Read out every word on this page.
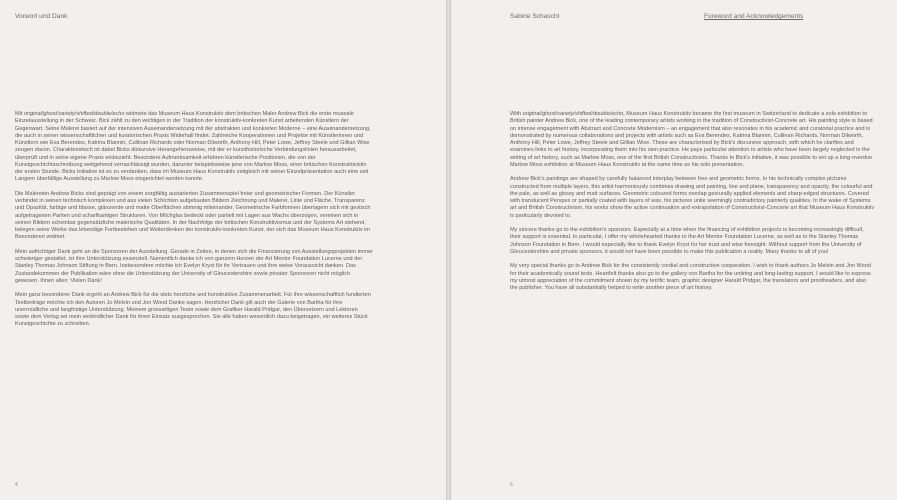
Vorwort und Dank

Mit original/ghost/variety/shifted/double/echo widmete das Museum Haus Konstruktiv dem britischen Maler Andrew Bick die erste museale Einzelausstellung in der Schweiz. Bick zählt zu den wichtigen in der Tradition der konstruktiv-konkreten Kunst arbeitenden Künstlern der Gegenwart. Seine Malerei basiert auf der intensiven Auseinandersetzung mit der abstrakten und konkreten Moderne – eine Auseinandersetzung, die auch in seiner wissenschaftlichen und kuratorischen Praxis Widerhall findet. Zahlreiche Kooperationen und Projekte mit Künstlerinnen und Künstlern wie Eva Berendes, Katrina Blannin, Cullinan Richards oder Norman Dilworth, Anthony Hill, Peter Lowe, Jeffrey Steele und Gillian Wise zeugen davon. Charakteristisch ist dabei Bicks diskursive Herangehensweise, mit der er kunsthistorische Verbindungslinien herausarbeitet, überprüft und in seine eigene Praxis einbezieht. Besondere Aufmerksamkeit erfahren künstlerische Positionen, die von der Kunstgeschichtsschreibung weitgehend vernachlässigt wurden, darunter beispielsweise jene von Marlow Moss, einer britischen Konstruktivistin der ersten Stunde. Bicks Initiative ist es zu verdanken, dass im Museum Haus Konstruktiv zeitgleich mit seiner Einzelpräsentation auch eine seit Langem überfällige Ausstellung zu Marlow Moss eingerichtet werden konnte.

Die Malereien Andrew Bicks sind geprägt von einem sorgfältig austarierten Zusammenspiel freier und geometrischer Formen. Der Künstler verbindet in seinen technisch komplexen und aus vielen Schichten aufgebauten Bildern Zeichnung und Malerei, Linie und Fläche, Transparenz und Opazität, farbige und blasse, glänzende und matte Oberflächen stimmig miteinander. Geometrische Farbformen überlagern sich mit gestisch aufgetragenen Partien und scharfkantigen Strukturen. Von Milchglas bedeckt oder partiell mit Lagen aus Wachs überzogen, vereinen sich in seinen Bildern scheinbar gegensätzliche malerische Qualitäten. In der Nachfolge der britischen Konstruktivismus und der Systems Art stehend, belegen seine Werke das lebendige Fortbestehen und Weiterdenken der konstruktiv-konkreten Kunst, der sich das Museum Haus Konstruktiv im Besonderen widmet.

Mein aufrichtiger Dank geht an die Sponsoren der Ausstellung. Gerade in Zeiten, in denen sich die Finanzierung von Ausstellungsprojekten immer schwieriger gestaltet, ist ihre Unterstützung essenziell. Namentlich danke ich von ganzem Herzen der Art Mentor Foundation Lucerne und der Stanley Thomas Johnson Stiftung in Bern. Insbesondere möchte ich Evelyn Kryst für ihr Vertrauen und ihre weise Voraussicht danken. Das Zustandekommen der Publikation wäre ohne die Unterstützung der University of Gloucestershire sowie privater Sponsoren nicht möglich gewesen. Ihnen allen: Vielen Dank!

Mein ganz besonderer Dank ergeht an Andrew Bick für die stets herzliche und konstruktive Zusammenarbeit. Für ihre wissenschaftlich fundierten Textbeiträge möchte ich den Autoren Jo Melvin und Jon Wood Danke sagen. Herzlicher Dank gilt auch der Galerie von Bartha für ihre unermüdliche und langfristige Unterstützung. Meinem grossartigen Team sowie dem Grafiker Harald Pridgar, den Übersetzern und Lektoren sowie dem Verlag sei mein verbindlicher Dank für ihren Einsatz ausgesprochen. Sie alle haben wesentlich dazu beigetragen, ein weiteres Stück Kunstgeschichte zu schreiben.

4
Sabine Schaschl	Foreword and Acknowledgements

With original/ghost/variety/shifted/double/echo, Museum Haus Konstruktiv became the first museum in Switzerland to dedicate a solo exhibition to British painter Andrew Bick, one of the leading contemporary artists working in the tradition of Constructivist-Concrete art. His painting style is based on intense engagement with Abstract and Concrete Modernism – an engagement that also resonates in his academic and curatorial practice and is demonstrated by numerous collaborations and projects with artists such as Eva Berendes, Katrina Blannin, Cullinan Richards, Norman Dilworth, Anthony Hill, Peter Lowe, Jeffrey Steele and Gillian Wise. These are characterised by Bick's discursive approach, with which he clarifies and examines links to art history, incorporating them into his own practice. He pays particular attention to artists who have been largely neglected in the writing of art history, such as Marlow Moss, one of the first British Constructivists. Thanks to Bick's initiative, it was possible to set up a long-overdue Marlow Moss exhibition at Museum Haus Konstruktiv at the same time as his solo presentation.

Andrew Bick's paintings are shaped by carefully balanced interplay between free and geometric forms. In his technically complex pictures constructed from multiple layers, this artist harmoniously combines drawing and painting, line and plane, transparency and opacity, the colourful and the pale, as well as glossy and matt surfaces. Geometric coloured forms overlap gesturally applied elements and sharp-edged structures. Covered with translucent Perspex or partially coated with layers of wax, his pictures unite seemingly contradictory painterly qualities. In the wake of Systems art and British Constructivism, his works show the active continuation and extrapolation of Constructivist-Concrete art that Museum Haus Konstruktiv is particularly devoted to.

My sincere thanks go to the exhibition's sponsors. Especially at a time when the financing of exhibition projects is becoming increasingly difficult, their support is essential. In particular, I offer my wholehearted thanks to the Art Mentor Foundation Lucerne, as well as to the Stanley Thomas Johnson Foundation in Bern. I would especially like to thank Evelyn Kryst for her trust and wise foresight. Without support from the University of Gloucestershire and private sponsors, it would not have been possible to make this publication a reality. Many thanks to all of you!

My very special thanks go to Andrew Bick for the consistently cordial and constructive cooperation. I wish to thank authors Jo Melvin and Jon Wood for their academically sound texts. Heartfelt thanks also go to the gallery von Bartha for the untiring and long-lasting support. I would like to express my utmost appreciation of the commitment shown by my terrific team, graphic designer Harald Pridgar, the translators and proofreaders, and also the publisher. You have all substantially helped to write another piece of art history.

5
